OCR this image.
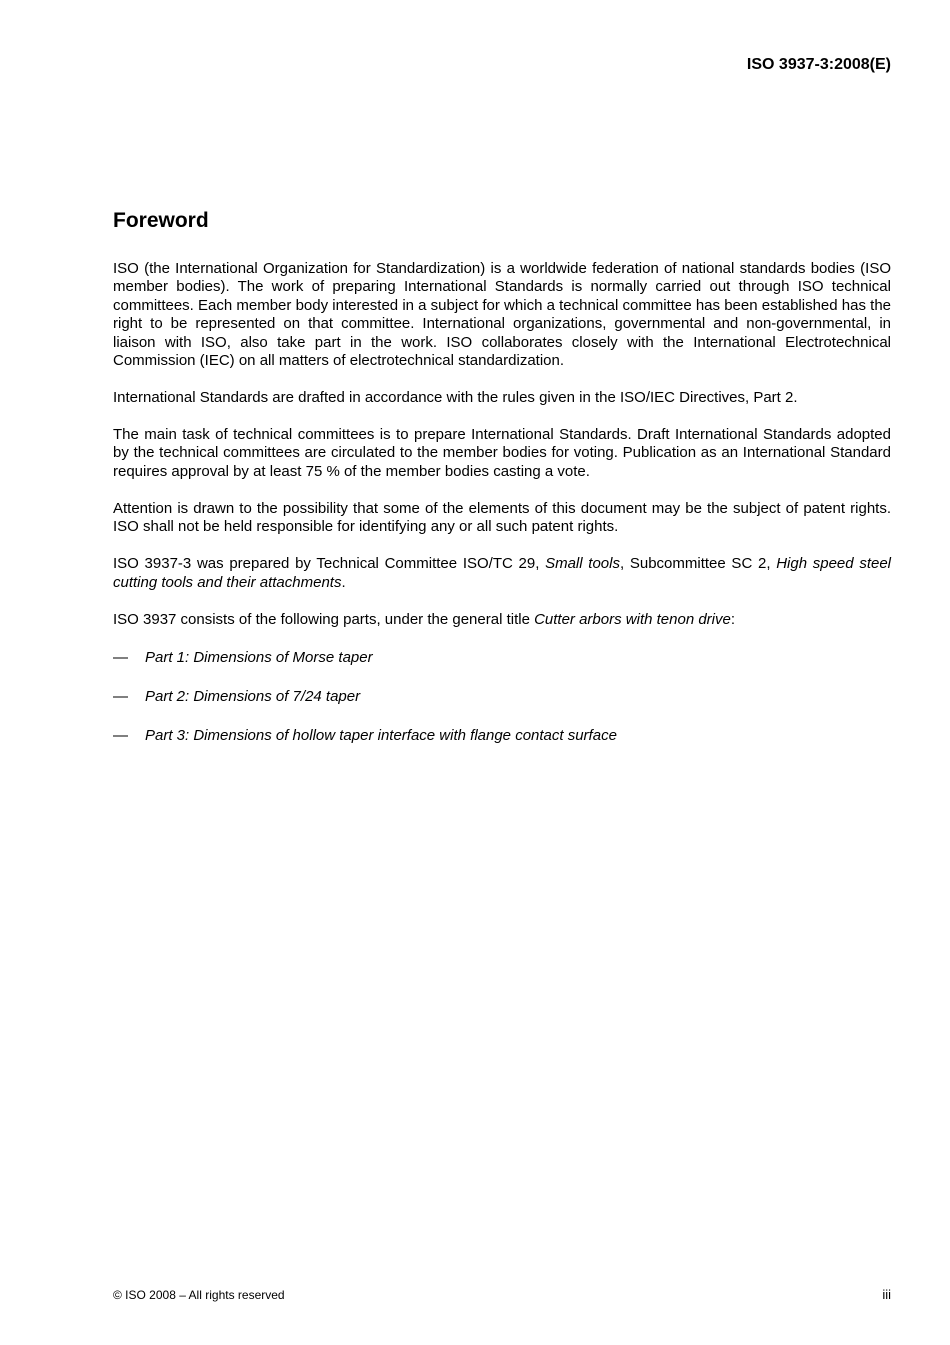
ISO 3937-3:2008(E)
Foreword

ISO (the International Organization for Standardization) is a worldwide federation of national standards bodies (ISO member bodies). The work of preparing International Standards is normally carried out through ISO technical committees. Each member body interested in a subject for which a technical committee has been established has the right to be represented on that committee. International organizations, governmental and non-governmental, in liaison with ISO, also take part in the work. ISO collaborates closely with the International Electrotechnical Commission (IEC) on all matters of electrotechnical standardization.

International Standards are drafted in accordance with the rules given in the ISO/IEC Directives, Part 2.

The main task of technical committees is to prepare International Standards. Draft International Standards adopted by the technical committees are circulated to the member bodies for voting. Publication as an International Standard requires approval by at least 75 % of the member bodies casting a vote.

Attention is drawn to the possibility that some of the elements of this document may be the subject of patent rights. ISO shall not be held responsible for identifying any or all such patent rights.

ISO 3937-3 was prepared by Technical Committee ISO/TC 29, Small tools, Subcommittee SC 2, High speed steel cutting tools and their attachments.

ISO 3937 consists of the following parts, under the general title Cutter arbors with tenon drive:

—	Part 1: Dimensions of Morse taper
—	Part 2: Dimensions of 7/24 taper
—	Part 3: Dimensions of hollow taper interface with flange contact surface
© ISO 2008 – All rights reserved	iii
